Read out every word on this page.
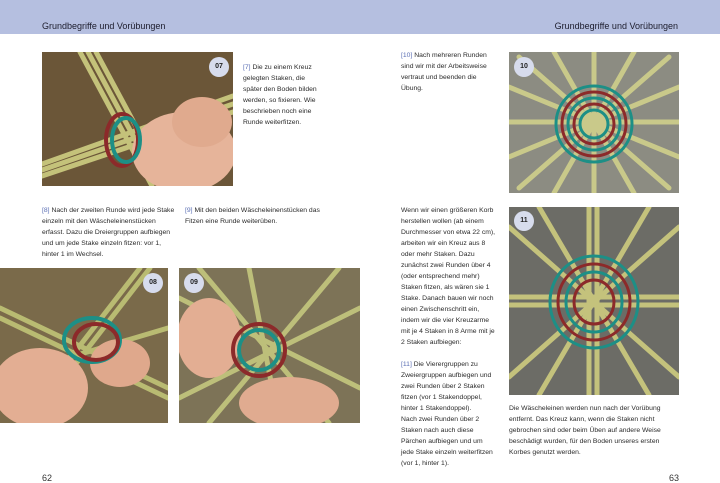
Grundbegriffe und Vorübungen
07	[7] Die zu einem Kreuz gelegten Staken, die später den Boden bilden werden, so fixieren. Wie beschrieben noch eine Runde weiterfitzen.
[8] Nach der zweiten Runde wird jede Stake einzeln mit den Wäscheleinenstücken erfasst. Dazu die Dreiergruppen aufbiegen und um jede Stake einzeln fitzen: vor 1, hinter 1 im Wechsel.
[9] Mit den beiden Wäscheleinenstücken das Fitzen eine Runde weiterüben.
08	09
62
Grundbegriffe und Vorübungen
[10] Nach mehreren Runden sind wir mit der Arbeitsweise vertraut und beenden die Übung.
10

Wenn wir einen größeren Korb herstellen wollen (ab einem Durchmesser von etwa 22 cm), arbeiten wir ein Kreuz aus 8 oder mehr Staken. Dazu zunächst zwei Runden über 4 (oder entsprechend mehr) Staken fitzen, als wären sie 1 Stake. Danach bauen wir noch einen Zwischenschritt ein, indem wir die vier Kreuzarme mit je 4 Staken in 8 Arme mit je 2 Staken aufbiegen:

[11] Die Vierergruppen zu Zweiergruppen aufbiegen und zwei Runden über 2 Staken fitzen (vor 1 Stakendoppel, hinter 1 Stakendoppel).

Nach zwei Runden über 2 Staken nach auch diese Pärchen aufbiegen und um jede Stake einzeln weiterfitzen (vor 1, hinter 1).

11
Die Wäscheleinen werden nun nach der Vorübung entfernt. Das Kreuz kann, wenn die Staken nicht gebrochen sind oder beim Üben auf andere Weise beschädigt wurden, für den Boden unseres ersten Korbes genutzt werden.
63
